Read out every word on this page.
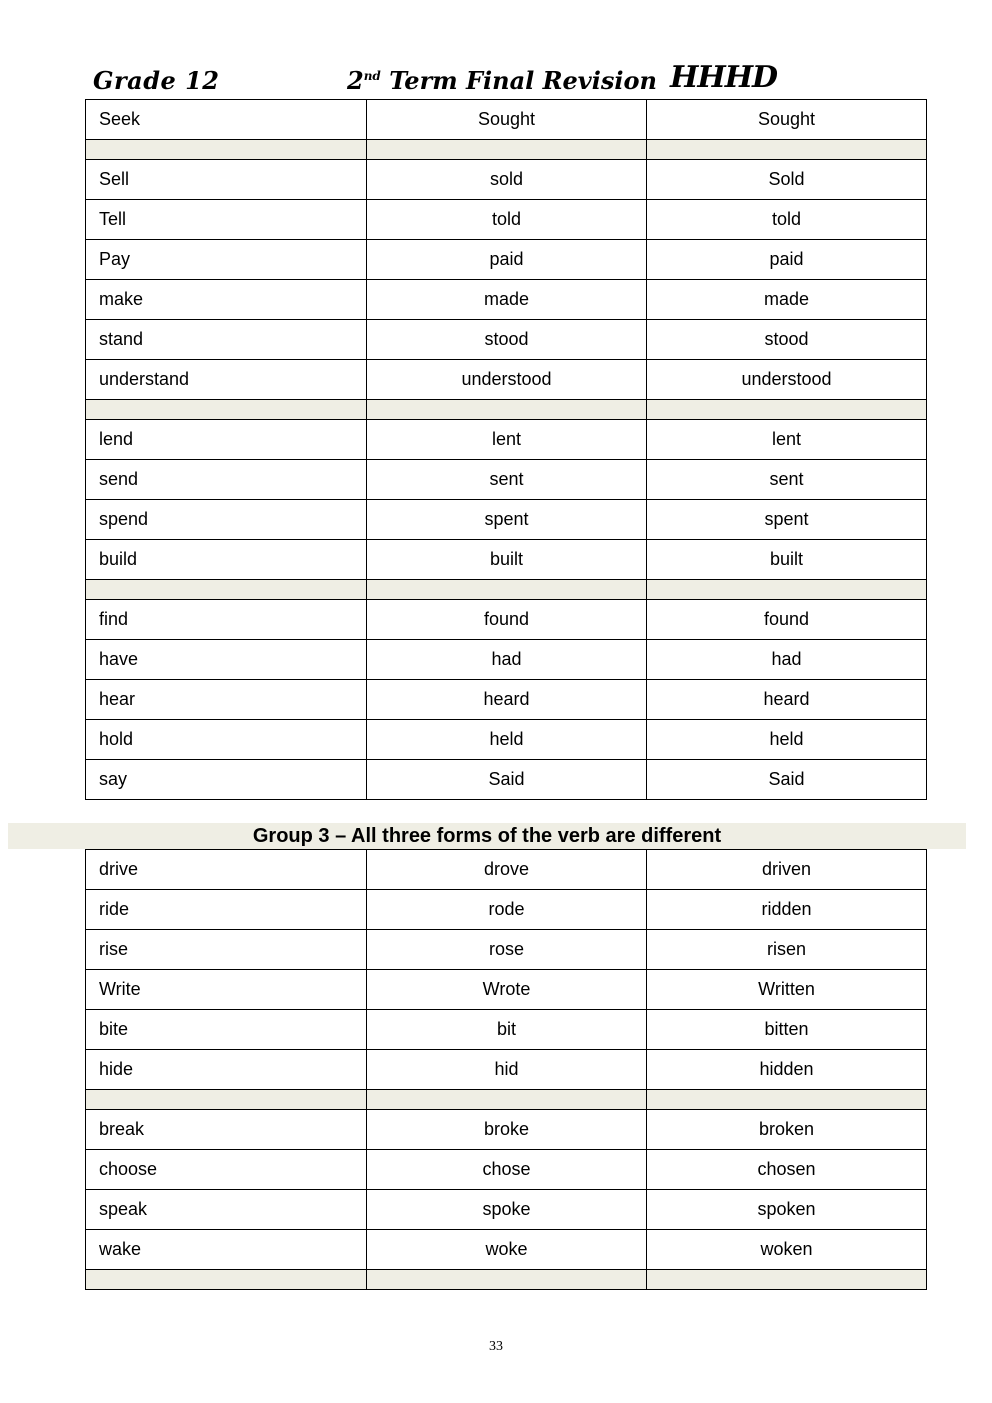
Grade 12	2nd Term Final Revision HHHD
Seek	Sought	Sought

Sell	sold	Sold
Tell	told	told
Pay	paid	paid
make	made	made
stand	stood	stood
understand	understood	understood

lend	lent	lent
send	sent	sent
spend	spent	spent
build	built	built

find	found	found
have	had	had
hear	heard	heard
hold	held	held
say	Said	Said
Group 3 – All three forms of the verb are different
drive	drove	driven
ride	rode	ridden
rise	rose	risen
Write	Wrote	Written
bite	bit	bitten
hide	hid	hidden

break	broke	broken
choose	chose	chosen
speak	spoke	spoken
wake	woke	woken

33
